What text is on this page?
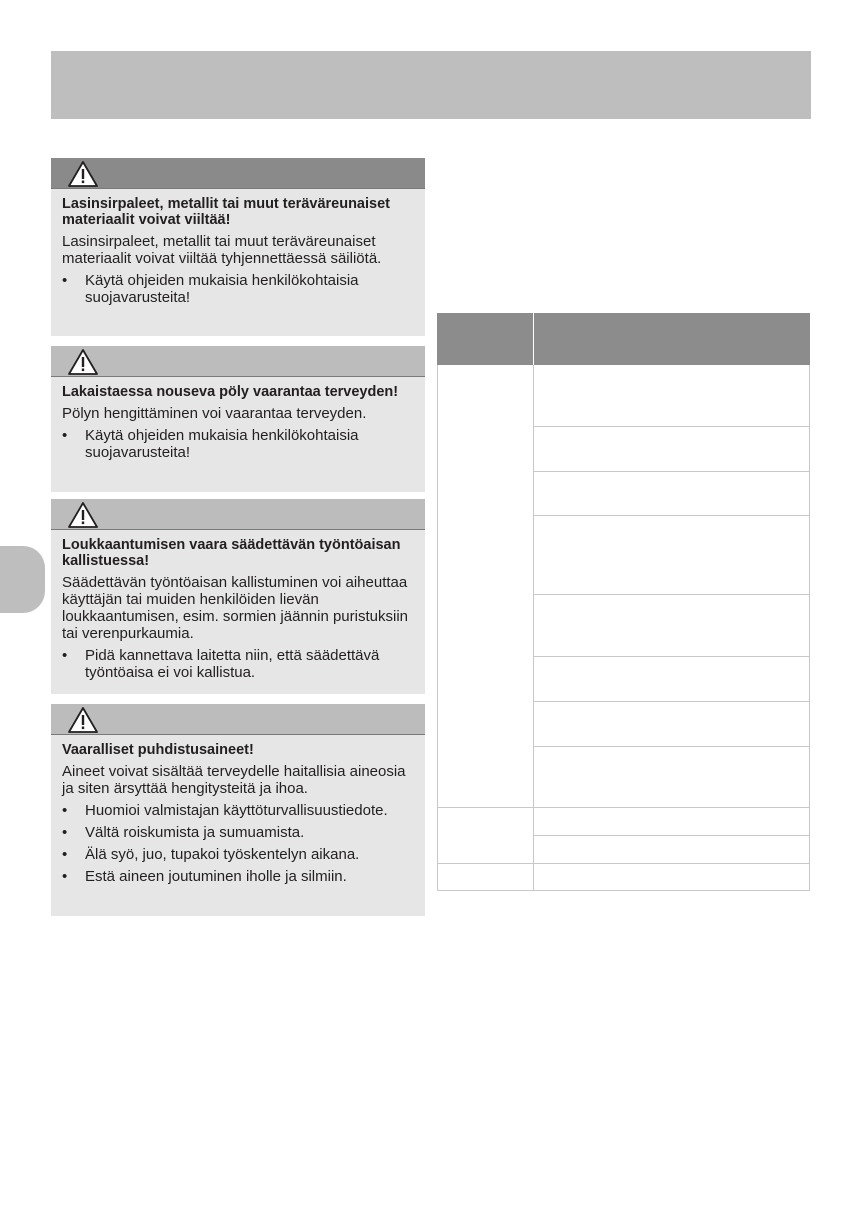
Lasinsirpaleet, metallit tai muut teräväreunaiset materiaalit voivat viiltää!

Lasinsirpaleet, metallit tai muut teräväreunaiset materiaalit voivat viiltää tyhjennettäessä säiliötä.

• Käytä ohjeiden mukaisia henkilökohtaisia suojavarusteita!

Lakaistaessa nouseva pöly vaarantaa terveyden!

Pölyn hengittäminen voi vaarantaa terveyden.

• Käytä ohjeiden mukaisia henkilökohtaisia suojavarusteita!

Loukkaantumisen vaara säädettävän työntöaisan kallistuessa!

Säädettävän työntöaisan kallistuminen voi aiheuttaa käyttäjän tai muiden henkilöiden lievän loukkaantumisen, esim. sormien jäännin puristuksiin tai verenpurkaumia.

• Pidä kannettava laitetta niin, että säädettävä työntöaisa ei voi kallistua.

Vaaralliset puhdistusaineet!

Aineet voivat sisältää terveydelle haitallisia aineosia ja siten ärsyttää hengitysteitä ja ihoa.

• Huomioi valmistajan käyttöturvallisuustiedote.
• Vältä roiskumista ja sumuamista.
• Älä syö, juo, tupakoi työskentelyn aikana.
• Estä aineen joutuminen iholle ja silmiin.
